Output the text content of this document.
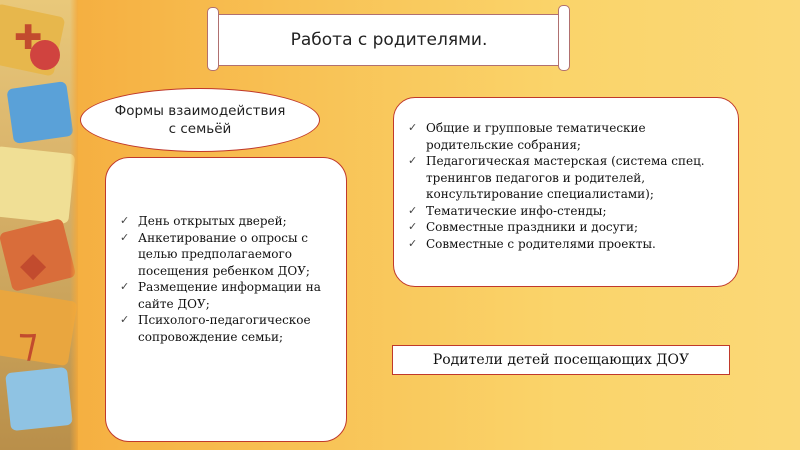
✚
◆
⁊
Работа с родителями.
Формы взаимодействия с семьёй
✓ День открытых дверей;
✓ Анкетирование о опросы с целью предполагаемого посещения ребенком ДОУ;
✓ Размещение информации на сайте ДОУ;
✓ Психолого-педагогическое сопровождение семьи;
✓ Общие и групповые тематические родительские собрания;
✓ Педагогическая мастерская (система спец. тренингов педагогов и родителей, консультирование специалистами);
✓ Тематические инфо-стенды;
✓ Совместные праздники и досуги;
✓ Совместные с родителями проекты.
Родители детей посещающих ДОУ
